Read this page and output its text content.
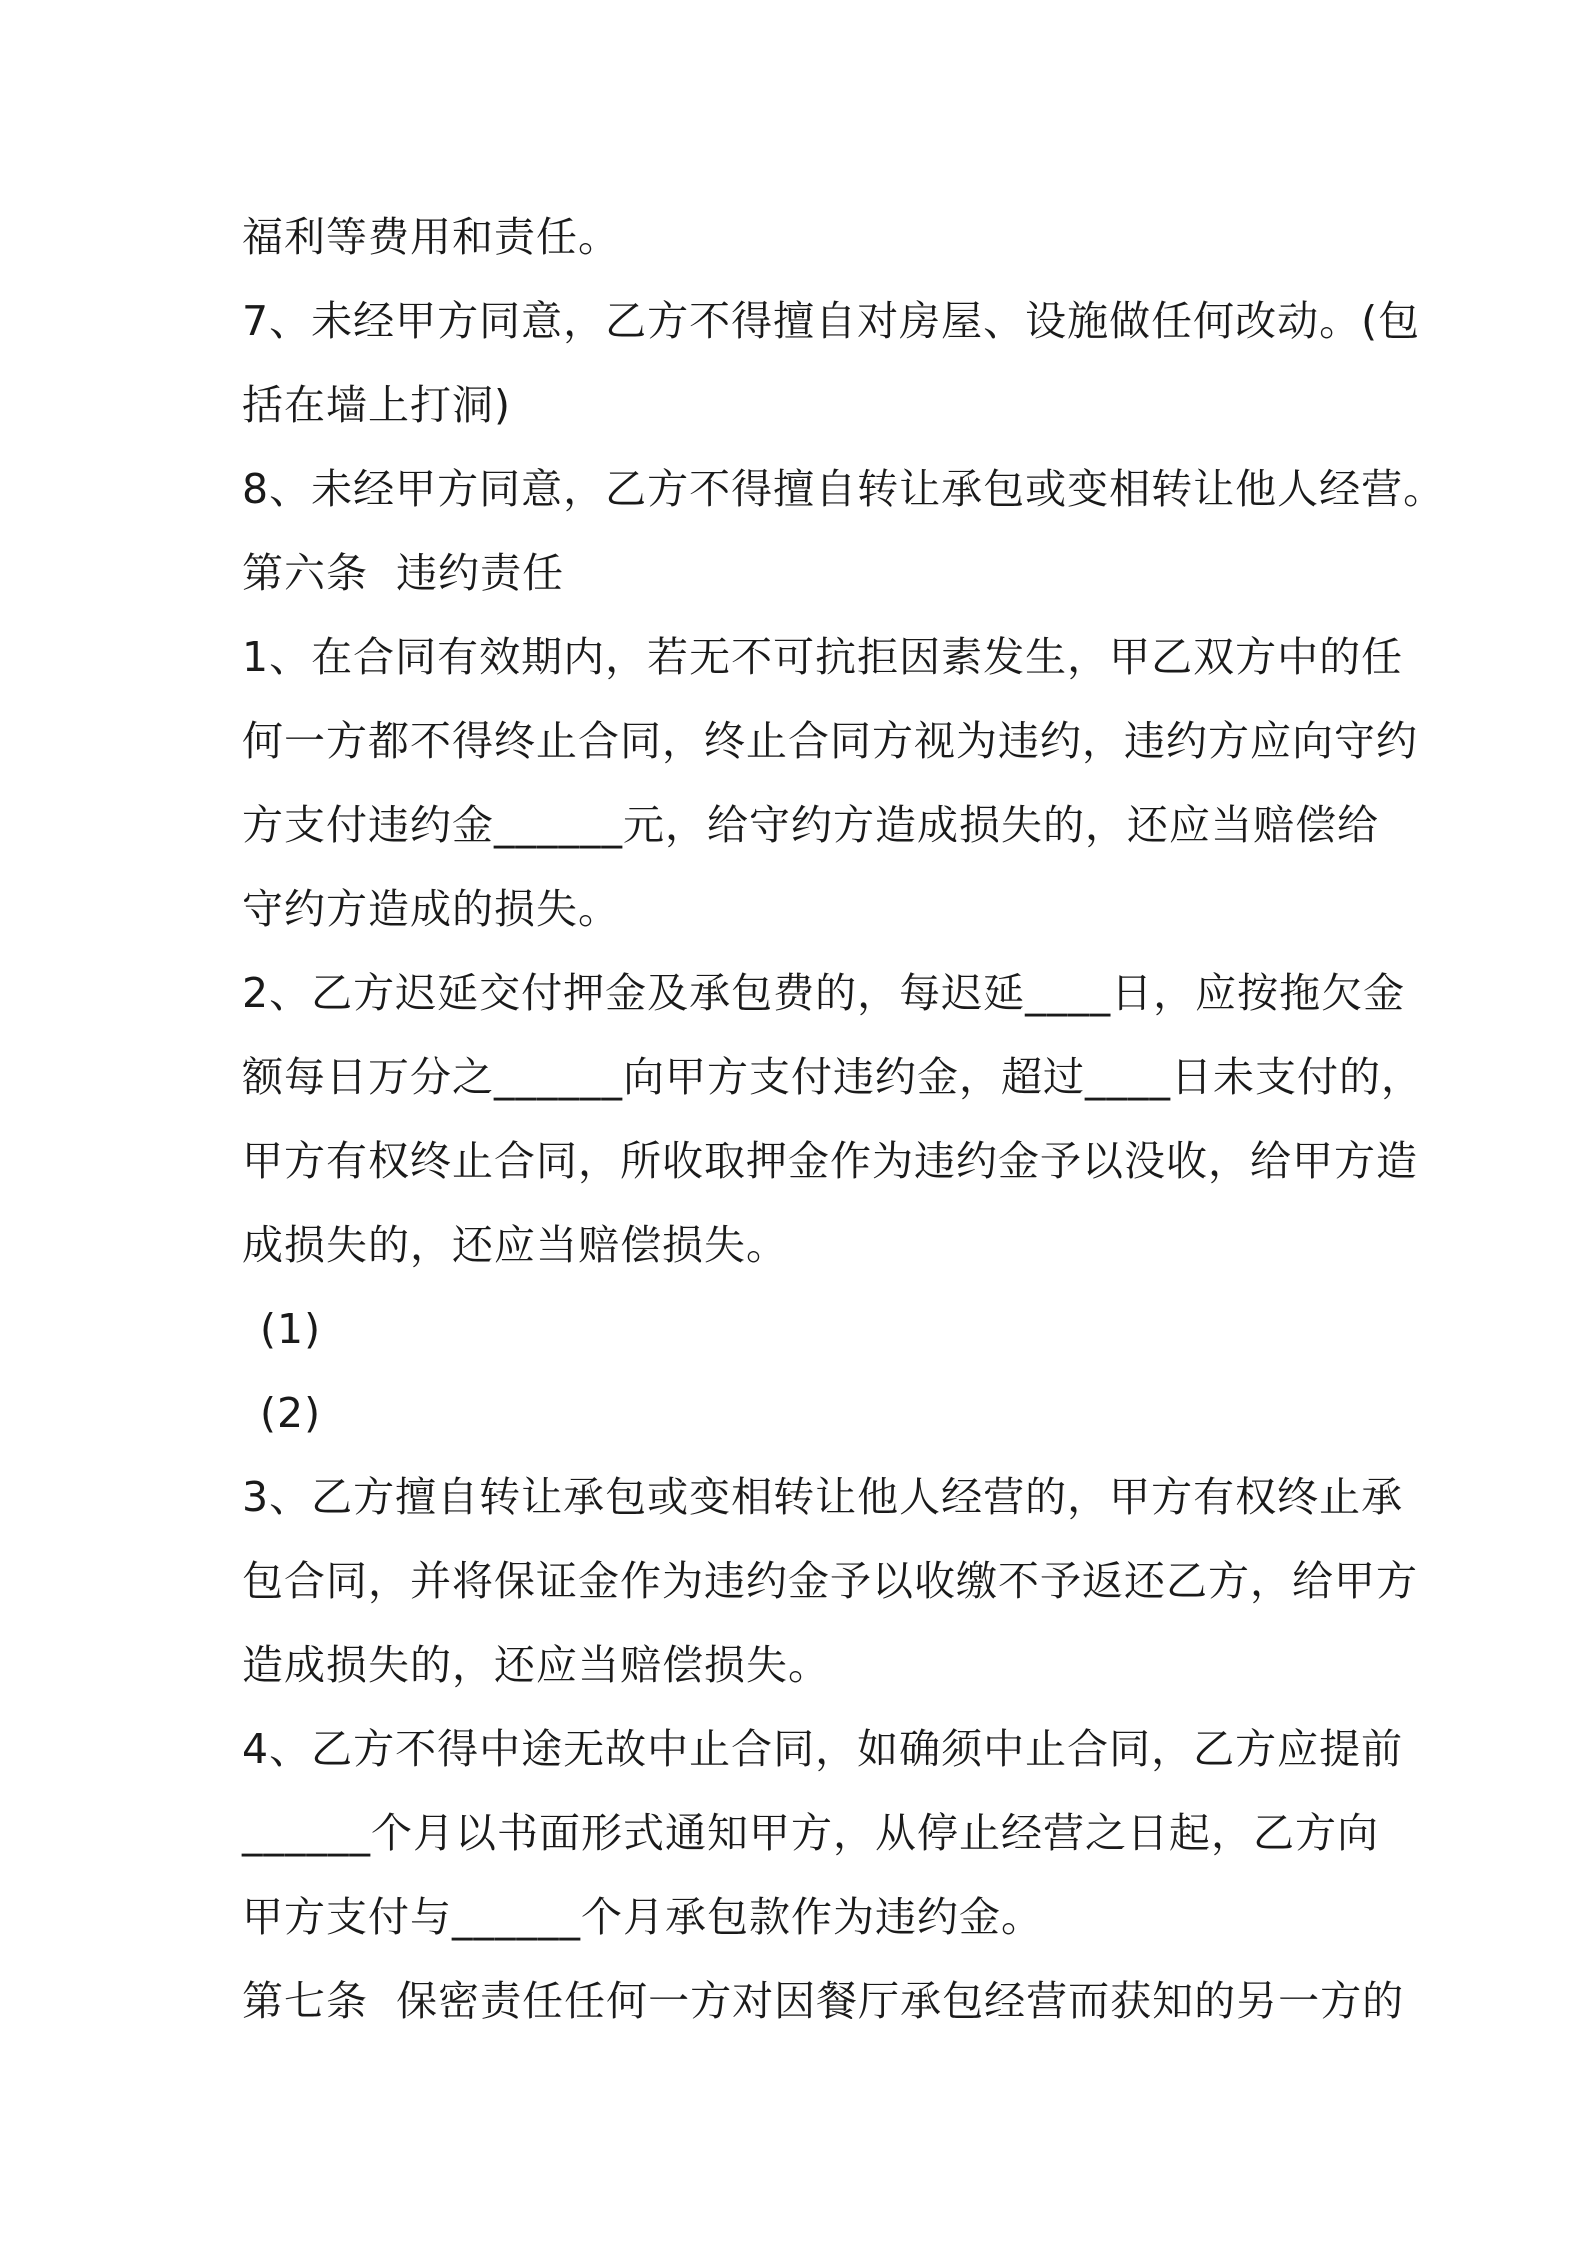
福利等费用和责任。
7、未经甲方同意，乙方不得擅自对房屋、设施做任何改动。(包
括在墙上打洞)
8、未经甲方同意，乙方不得擅自转让承包或变相转让他人经营。
第六条  违约责任
1、在合同有效期内，若无不可抗拒因素发生，甲乙双方中的任
何一方都不得终止合同，终止合同方视为违约，违约方应向守约
方支付违约金______元，给守约方造成损失的，还应当赔偿给
守约方造成的损失。
2、乙方迟延交付押金及承包费的，每迟延____日，应按拖欠金
额每日万分之______向甲方支付违约金，超过____日未支付的，
甲方有权终止合同，所收取押金作为违约金予以没收，给甲方造
成损失的，还应当赔偿损失。
(1)
(2)
3、乙方擅自转让承包或变相转让他人经营的，甲方有权终止承
包合同，并将保证金作为违约金予以收缴不予返还乙方，给甲方
造成损失的，还应当赔偿损失。
4、乙方不得中途无故中止合同，如确须中止合同，乙方应提前
______个月以书面形式通知甲方，从停止经营之日起，乙方向
甲方支付与______个月承包款作为违约金。
第七条  保密责任任何一方对因餐厅承包经营而获知的另一方的
